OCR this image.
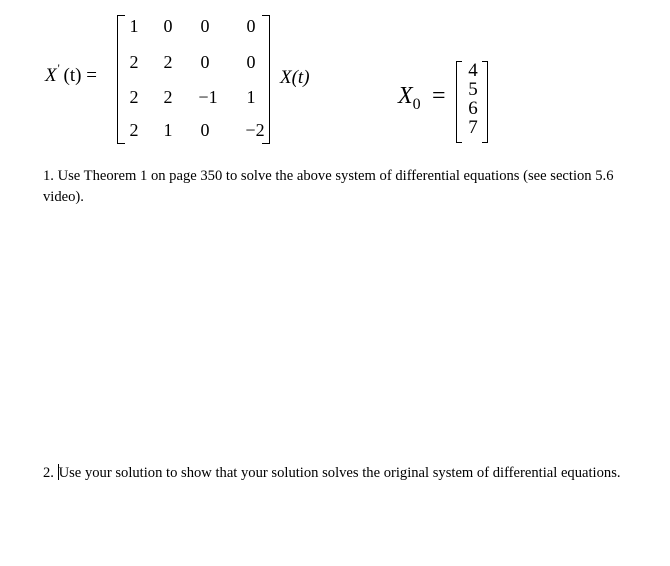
X' (t) =
1	0	0	0
2	2	0	0
2	2	−1	1
2	1	0	−2
X(t)
$X_0$ =
4
5
6
7
1. Use Theorem 1 on page 350 to solve the above system of differential equations (see section 5.6 video).
2. Use your solution to show that your solution solves the original system of differential equations.
